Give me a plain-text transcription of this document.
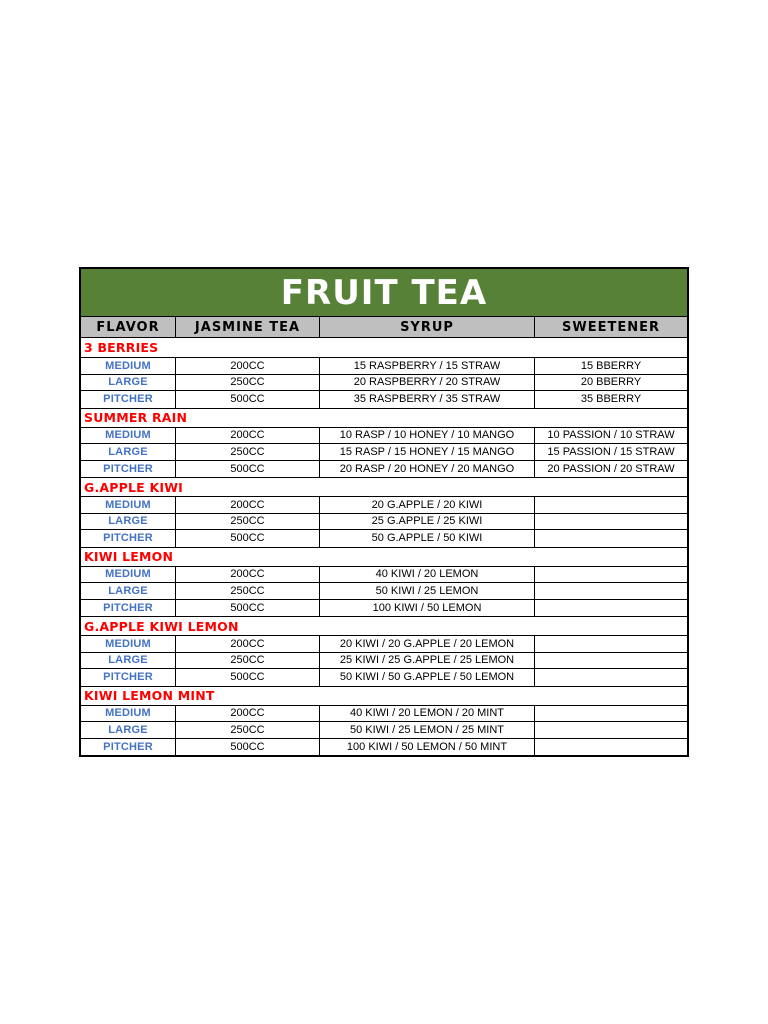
FRUIT TEA
FLAVOR	JASMINE TEA	SYRUP	SWEETENER
3 BERRIES
MEDIUM	200CC	15 RASPBERRY / 15 STRAW	15 BBERRY
LARGE	250CC	20 RASPBERRY / 20 STRAW	20 BBERRY
PITCHER	500CC	35 RASPBERRY / 35 STRAW	35 BBERRY
SUMMER RAIN
MEDIUM	200CC	10 RASP / 10 HONEY / 10 MANGO	10 PASSION / 10 STRAW
LARGE	250CC	15 RASP / 15 HONEY / 15 MANGO	15 PASSION / 15 STRAW
PITCHER	500CC	20 RASP / 20 HONEY / 20 MANGO	20 PASSION / 20 STRAW
G.APPLE KIWI
MEDIUM	200CC	20 G.APPLE / 20 KIWI
LARGE	250CC	25 G.APPLE / 25 KIWI
PITCHER	500CC	50 G.APPLE / 50 KIWI
KIWI LEMON
MEDIUM	200CC	40 KIWI / 20 LEMON
LARGE	250CC	50 KIWI / 25 LEMON
PITCHER	500CC	100 KIWI / 50 LEMON
G.APPLE KIWI LEMON
MEDIUM	200CC	20 KIWI / 20 G.APPLE / 20 LEMON
LARGE	250CC	25 KIWI / 25 G.APPLE / 25 LEMON
PITCHER	500CC	50 KIWI / 50 G.APPLE / 50 LEMON
KIWI LEMON MINT
MEDIUM	200CC	40 KIWI / 20 LEMON / 20 MINT
LARGE	250CC	50 KIWI / 25 LEMON / 25 MINT
PITCHER	500CC	100 KIWI / 50 LEMON / 50 MINT
